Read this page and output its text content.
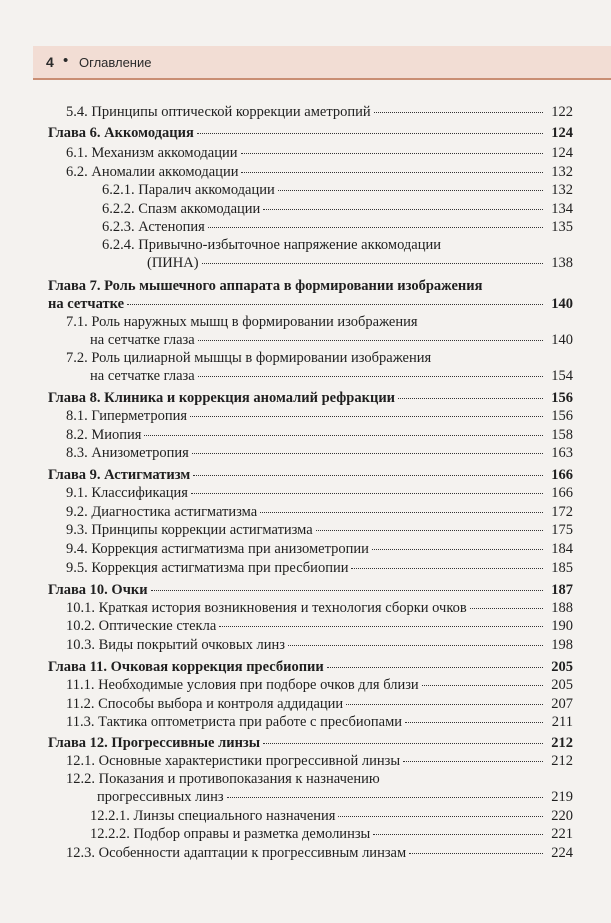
4 • Оглавление
5.4. Принципы оптической коррекции аметропий	122
Глава 6. Аккомодация	124
6.1. Механизм аккомодации	124
6.2. Аномалии аккомодации	132
6.2.1. Паралич аккомодации	132
6.2.2. Спазм аккомодации	134
6.2.3. Астенопия	135
6.2.4. Привычно-избыточное напряжение аккомодации
(ПИНА)	138
Глава 7. Роль мышечного аппарата в формировании изображения
на сетчатке	140
7.1. Роль наружных мышц в формировании изображения
на сетчатке глаза	140
7.2. Роль цилиарной мышцы в формировании изображения
на сетчатке глаза	154
Глава 8. Клиника и коррекция аномалий рефракции	156
8.1. Гиперметропия	156
8.2. Миопия	158
8.3. Анизометропия	163
Глава 9. Астигматизм	166
9.1. Классификация	166
9.2. Диагностика астигматизма	172
9.3. Принципы коррекции астигматизма	175
9.4. Коррекция астигматизма при анизометропии	184
9.5. Коррекция астигматизма при пресбиопии	185
Глава 10. Очки	187
10.1. Краткая история возникновения и технология сборки очков	188
10.2. Оптические стекла	190
10.3. Виды покрытий очковых линз	198
Глава 11. Очковая коррекция пресбиопии	205
11.1. Необходимые условия при подборе очков для близи	205
11.2. Способы выбора и контроля аддидации	207
11.3. Тактика оптометриста при работе с пресбиопами	211
Глава 12. Прогрессивные линзы	212
12.1. Основные характеристики прогрессивной линзы	212
12.2. Показания и противопоказания к назначению
прогрессивных линз	219
12.2.1. Линзы специального назначения	220
12.2.2. Подбор оправы и разметка демолинзы	221
12.3. Особенности адаптации к прогрессивным линзам	224
